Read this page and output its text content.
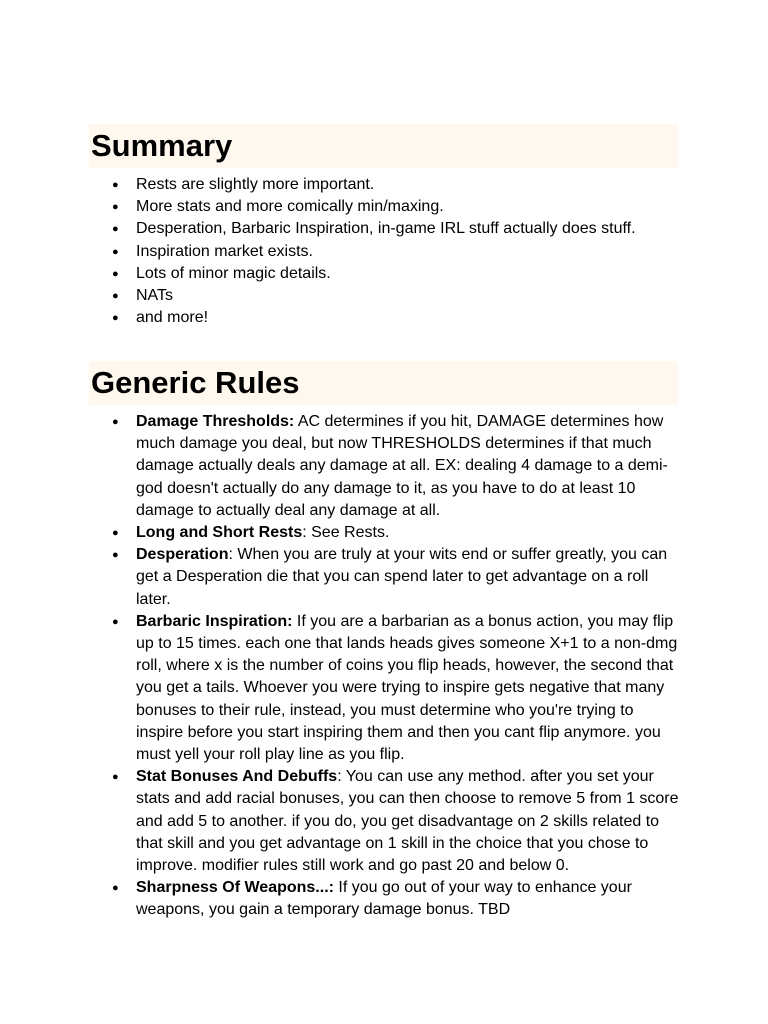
Summary
● Rests are slightly more important.
● More stats and more comically min/maxing.
● Desperation, Barbaric Inspiration, in-game IRL stuff actually does stuff.
● Inspiration market exists.
● Lots of minor magic details.
● NATs
● and more!
Generic Rules
● Damage Thresholds: AC determines if you hit, DAMAGE determines how much damage you deal, but now THRESHOLDS determines if that much damage actually deals any damage at all. EX: dealing 4 damage to a demi-god doesn't actually do any damage to it, as you have to do at least 10 damage to actually deal any damage at all.
● Long and Short Rests: See Rests.
● Desperation: When you are truly at your wits end or suffer greatly, you can get a Desperation die that you can spend later to get advantage on a roll later.
● Barbaric Inspiration: If you are a barbarian as a bonus action, you may flip up to 15 times. each one that lands heads gives someone X+1 to a non-dmg roll, where x is the number of coins you flip heads, however, the second that you get a tails. Whoever you were trying to inspire gets negative that many bonuses to their rule, instead, you must determine who you're trying to inspire before you start inspiring them and then you cant flip anymore. you must yell your roll play line as you flip.
● Stat Bonuses And Debuffs: You can use any method. after you set your stats and add racial bonuses, you can then choose to remove 5 from 1 score and add 5 to another. if you do, you get disadvantage on 2 skills related to that skill and you get advantage on 1 skill in the choice that you chose to improve. modifier rules still work and go past 20 and below 0.
● Sharpness Of Weapons...: If you go out of your way to enhance your weapons, you gain a temporary damage bonus. TBD
